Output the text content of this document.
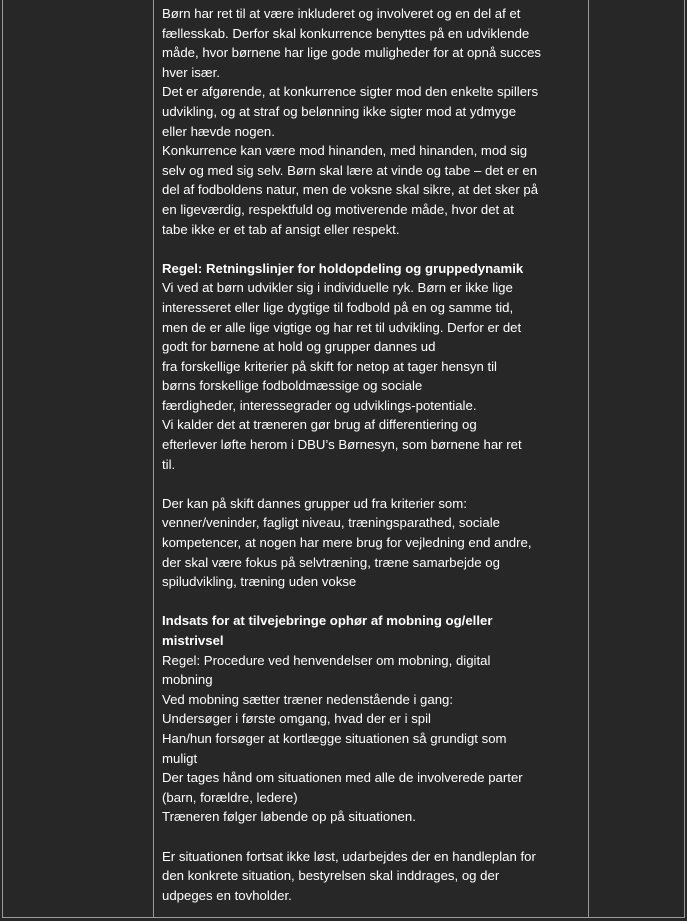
Børn har ret til at være inkluderet og involveret og en del af et

fællesskab. Derfor skal konkurrence benyttes på en udviklende

måde, hvor børnene har lige gode muligheder for at opnå succes

hver især.

Det er afgørende, at konkurrence sigter mod den enkelte spillers

udvikling, og at straf og belønning ikke sigter mod at ydmyge

eller hævde nogen.

Konkurrence kan være mod hinanden, med hinanden, mod sig

selv og med sig selv. Børn skal lære at vinde og tabe – det er en

del af fodboldens natur, men de voksne skal sikre, at det sker på

en ligeværdig, respektfuld og motiverende måde, hvor det at

tabe ikke er et tab af ansigt eller respekt.

Regel: Retningslinjer for holdopdeling og gruppedynamik

Vi ved at børn udvikler sig i individuelle ryk. Børn er ikke lige

interesseret eller lige dygtige til fodbold på en og samme tid,

men de er alle lige vigtige og har ret til udvikling. Derfor er det

godt for børnene at hold og grupper dannes ud

fra forskellige kriterier på skift for netop at tager hensyn til

børns forskellige fodboldmæssige og sociale

færdigheder, interessegrader og udviklings-potentiale.

Vi kalder det at træneren gør brug af differentiering og

efterlever løfte herom i DBU’s Børnesyn, som børnene har ret

til.

Der kan på skift dannes grupper ud fra kriterier som:

venner/veninder, fagligt niveau, træningsparathed, sociale

kompetencer, at nogen har mere brug for vejledning end andre,

der skal være fokus på selvtræning, træne samarbejde og

spiludvikling, træning uden vokse

Indsats for at tilvejebringe ophør af mobning og/eller

mistrivsel

Regel: Procedure ved henvendelser om mobning, digital

mobning

Ved mobning sætter træner nedenstående i gang:

Undersøger i første omgang, hvad der er i spil

Han/hun forsøger at kortlægge situationen så grundigt som

muligt

Der tages hånd om situationen med alle de involverede parter

(barn, forældre, ledere)

Træneren følger løbende op på situationen.

Er situationen fortsat ikke løst, udarbejdes der en handleplan for

den konkrete situation, bestyrelsen skal inddrages, og der

udpeges en tovholder.
